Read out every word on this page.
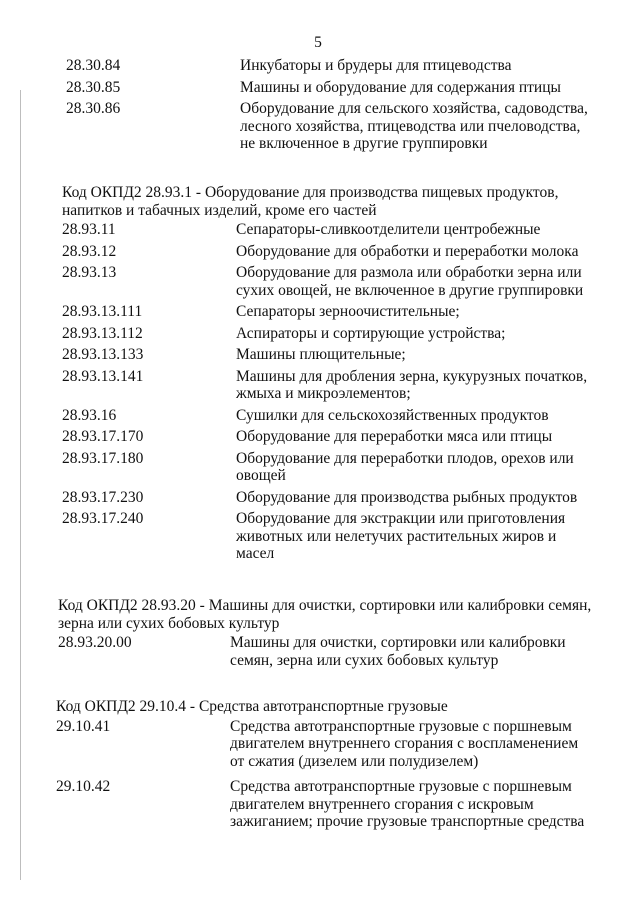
5
28.30.84	Инкубаторы и брудеры для птицеводства
28.30.85	Машины и оборудование для содержания птицы
28.30.86	Оборудование для сельского хозяйства, садоводства, лесного хозяйства, птицеводства или пчеловодства, не включенное в другие группировки
Код ОКПД2 28.93.1 - Оборудование для производства пищевых продуктов, напитков и табачных изделий, кроме его частей
28.93.11	Сепараторы-сливкоотделители центробежные
28.93.12	Оборудование для обработки и переработки молока
28.93.13	Оборудование для размола или обработки зерна или сухих овощей, не включенное в другие группировки
28.93.13.111	Сепараторы зерноочистительные;
28.93.13.112	Аспираторы и сортирующие устройства;
28.93.13.133	Машины плющительные;
28.93.13.141	Машины для дробления зерна, кукурузных початков, жмыха и микроэлементов;
28.93.16	Сушилки для сельскохозяйственных продуктов
28.93.17.170	Оборудование для переработки мяса или птицы
28.93.17.180	Оборудование для переработки плодов, орехов или овощей
28.93.17.230	Оборудование для производства рыбных продуктов
28.93.17.240	Оборудование для экстракции или приготовления животных или нелетучих растительных жиров и масел
Код ОКПД2 28.93.20 - Машины для очистки, сортировки или калибровки семян, зерна или сухих бобовых культур
28.93.20.00	Машины для очистки, сортировки или калибровки семян, зерна или сухих бобовых культур
Код ОКПД2 29.10.4 - Средства автотранспортные грузовые
29.10.41	Средства автотранспортные грузовые с поршневым двигателем внутреннего сгорания с воспламенением от сжатия (дизелем или полудизелем)
29.10.42	Средства автотранспортные грузовые с поршневым двигателем внутреннего сгорания с искровым зажиганием; прочие грузовые транспортные средства
